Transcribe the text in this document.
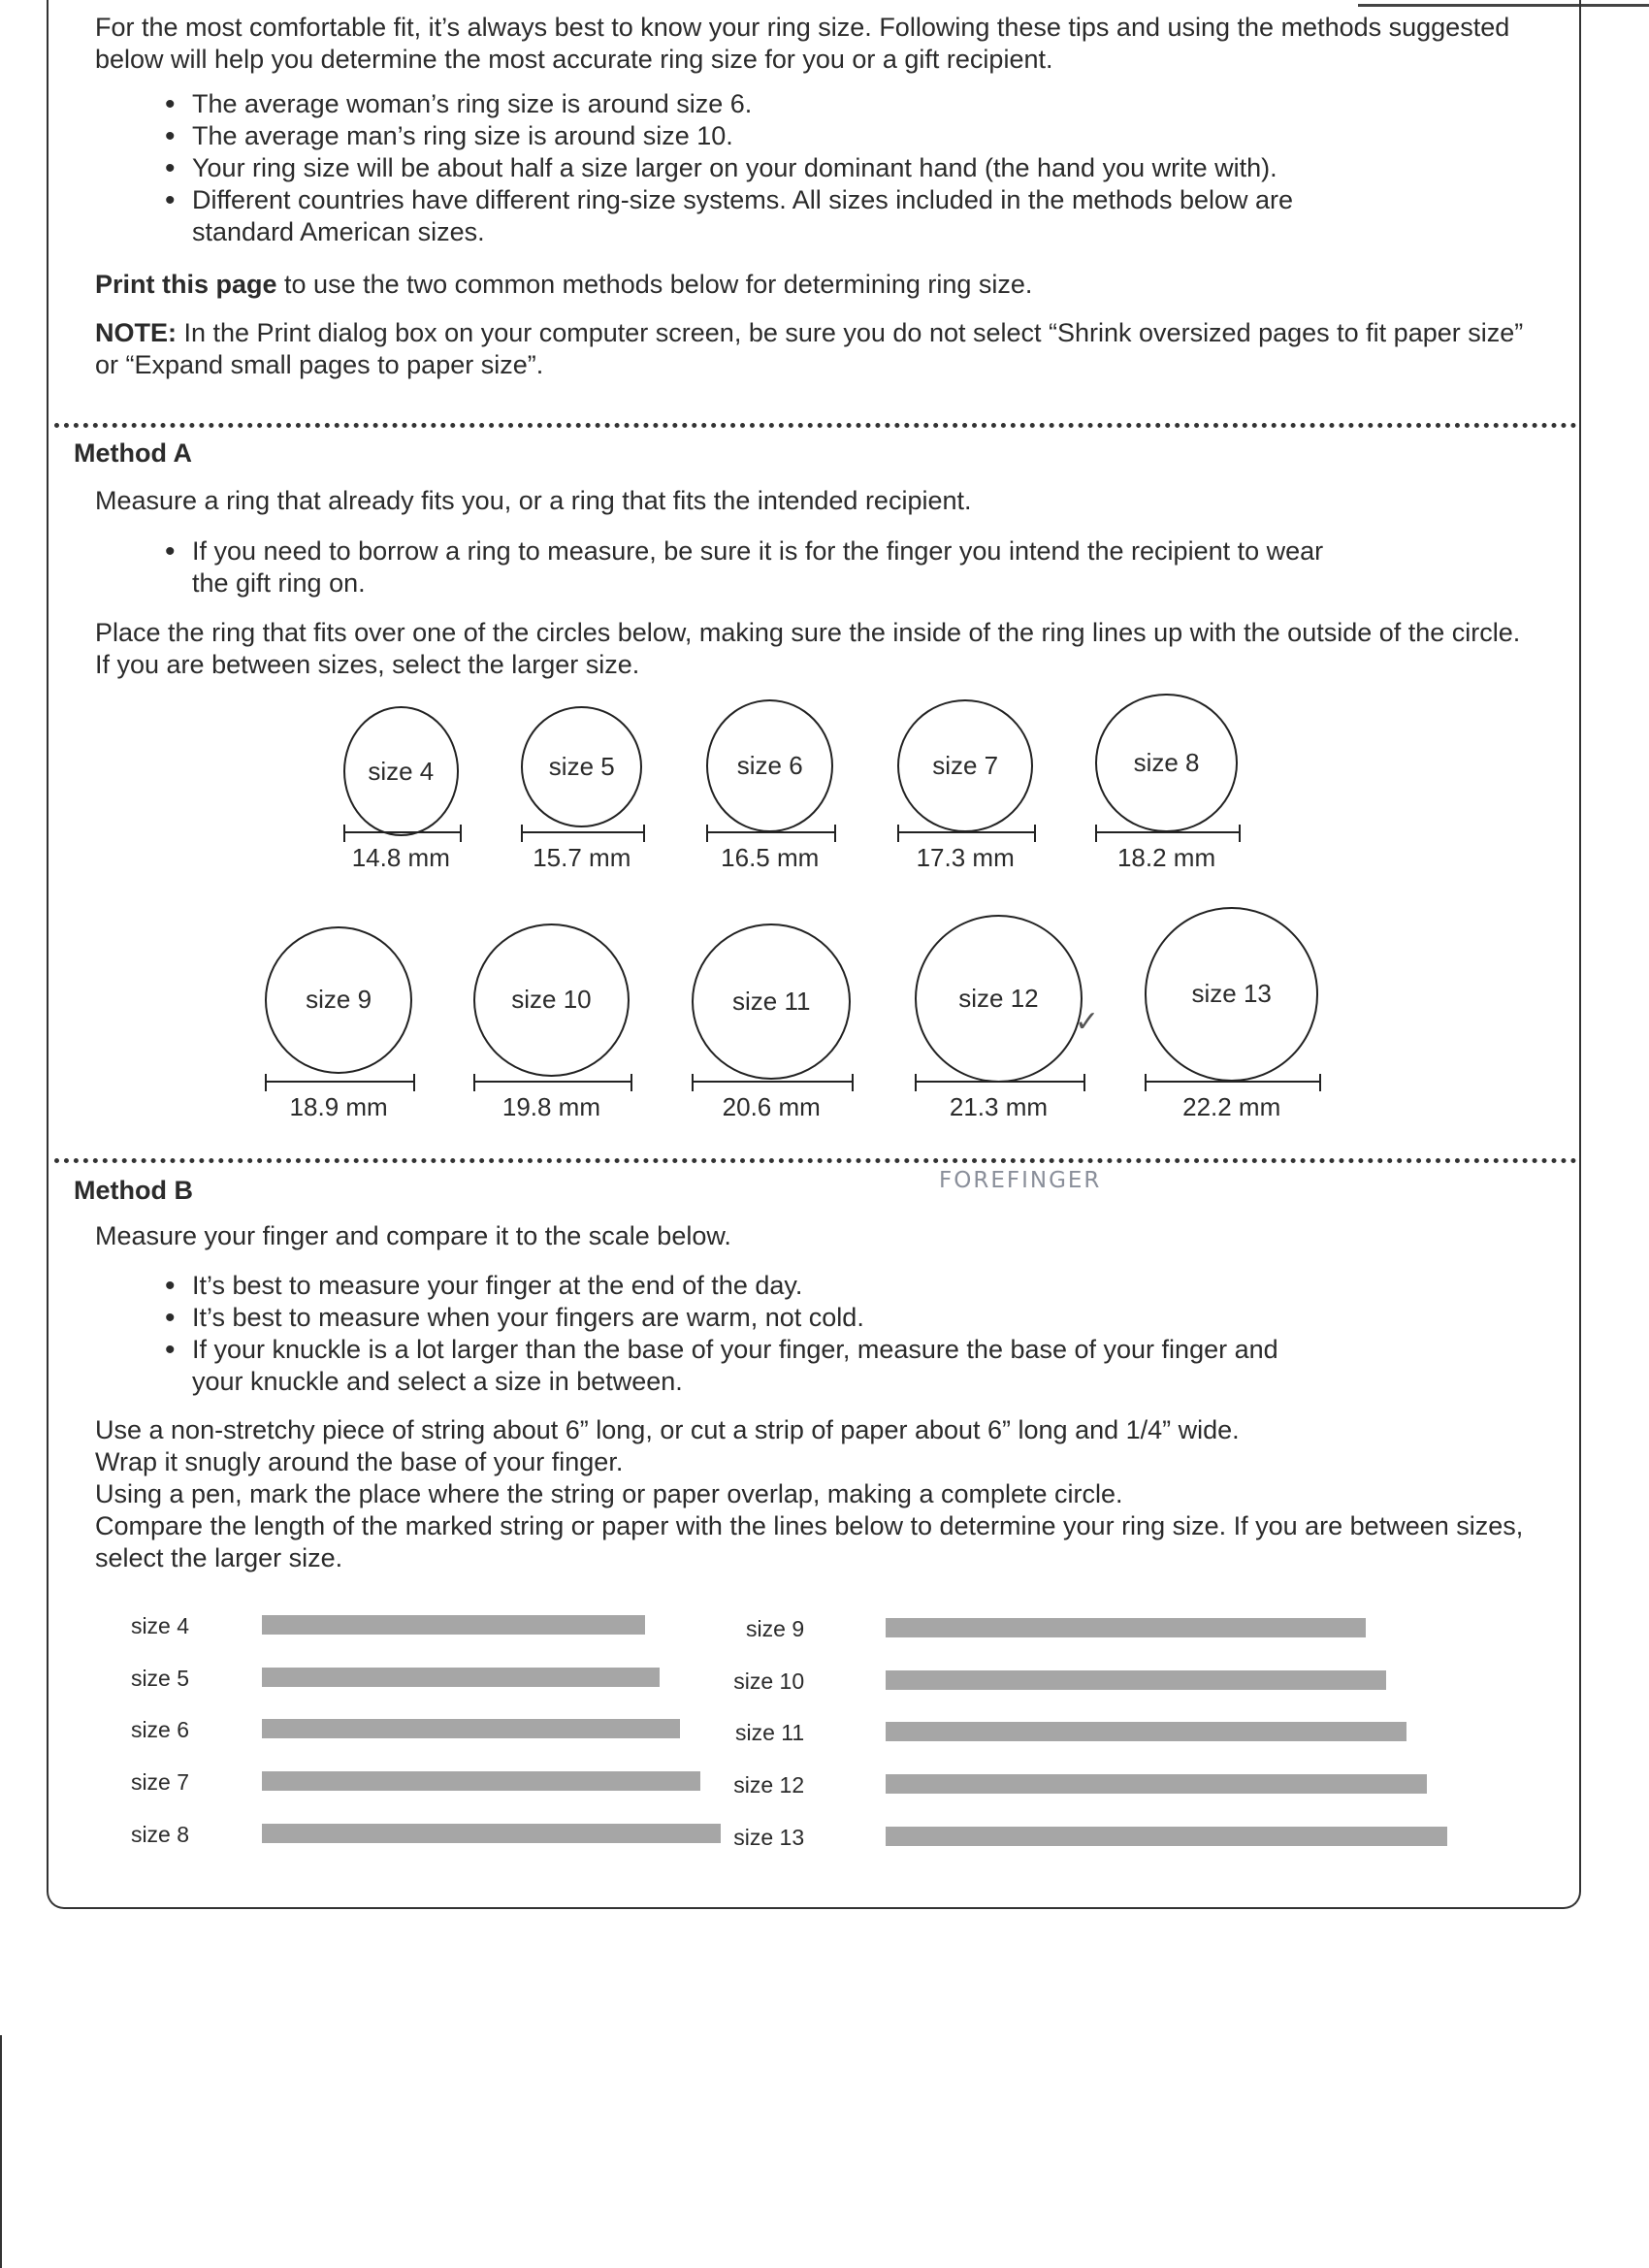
For the most comfortable fit, it’s always best to know your ring size. Following these tips and using the methods suggested below will help you determine the most accurate ring size for you or a gift recipient.

• The average woman’s ring size is around size 6.
• The average man’s ring size is around size 10.
• Your ring size will be about half a size larger on your dominant hand (the hand you write with).
• Different countries have different ring-size systems. All sizes included in the methods below are standard American sizes.

Print this page to use the two common methods below for determining ring size.

NOTE: In the Print dialog box on your computer screen, be sure you do not select “Shrink oversized pages to fit paper size” or “Expand small pages to paper size”.

Method A

Measure a ring that already fits you, or a ring that fits the intended recipient.

• If you need to borrow a ring to measure, be sure it is for the finger you intend the recipient to wear the gift ring on.

Place the ring that fits over one of the circles below, making sure the inside of the ring lines up with the outside of the circle. If you are between sizes, select the larger size.

size 4
14.8 mm
size 5
15.7 mm
size 6
16.5 mm
size 7
17.3 mm
size 8
18.2 mm
size 9
18.9 mm
size 10
19.8 mm
size 11
20.6 mm
size 12
21.3 mm
size 13
22.2 mm
FOREFINGER
✓
Method B

Measure your finger and compare it to the scale below.

• It’s best to measure your finger at the end of the day.
• It’s best to measure when your fingers are warm, not cold.
• If your knuckle is a lot larger than the base of your finger, measure the base of your finger and your knuckle and select a size in between.
Use a non-stretchy piece of string about 6” long, or cut a strip of paper about 6” long and 1/4” wide.
Wrap it snugly around the base of your finger.
Using a pen, mark the place where the string or paper overlap, making a complete circle.
Compare the length of the marked string or paper with the lines below to determine your ring size. If you are between sizes, select the larger size.
size 4
size 5
size 6
size 7
size 8
size 9
size 10
size 11
size 12
size 13
